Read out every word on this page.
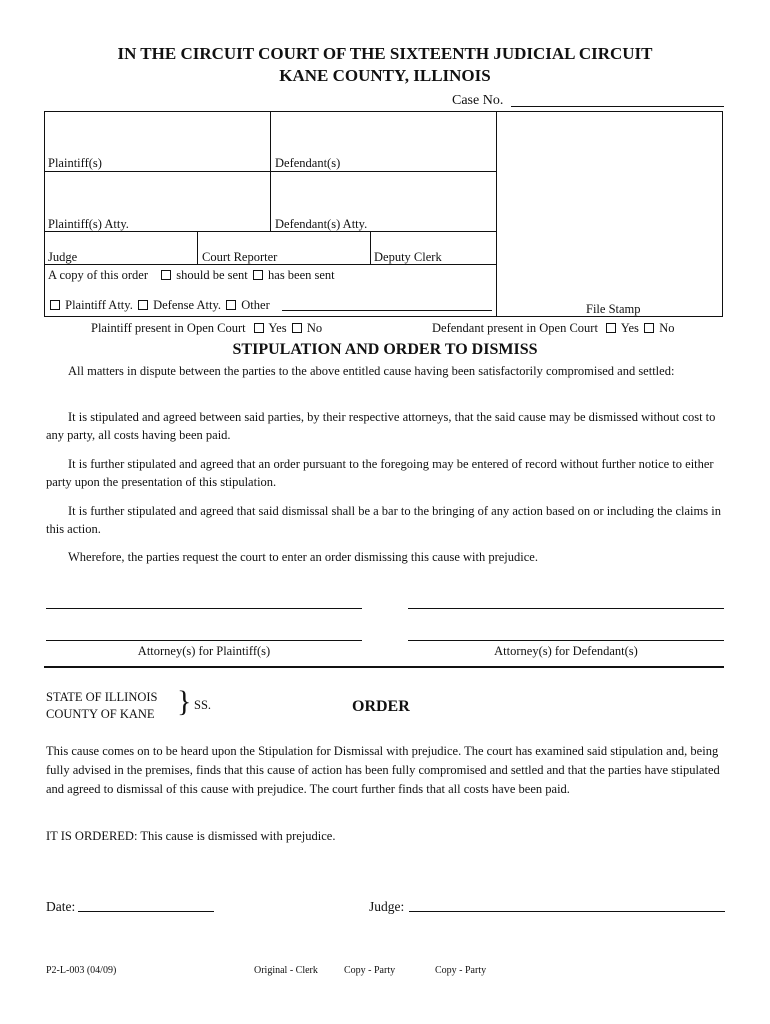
IN THE CIRCUIT COURT OF THE SIXTEENTH JUDICIAL CIRCUIT
KANE COUNTY, ILLINOIS
Case No.
Plaintiff(s)	Defendant(s)
Plaintiff(s) Atty.	Defendant(s) Atty.
Judge	Court Reporter	Deputy Clerk
A copy of this order should be sent has been sent
Plaintiff Atty. Defense Atty. Other	File Stamp
Plaintiff present in Open Court Yes No	Defendant present in Open Court Yes No
STIPULATION AND ORDER TO DISMISS

All matters in dispute between the parties to the above entitled cause having been satisfactorily compromised and settled:

It is stipulated and agreed between said parties, by their respective attorneys, that the said cause may be dismissed without cost to any party, all costs having been paid.

It is further stipulated and agreed that an order pursuant to the foregoing may be entered of record without further notice to either party upon the presentation of this stipulation.

It is further stipulated and agreed that said dismissal shall be a bar to the bringing of any action based on or including the claims in this action.

Wherefore, the parties request the court to enter an order dismissing this cause with prejudice.

Attorney(s) for Plaintiff(s)	Attorney(s) for Defendant(s)
STATE OF ILLINOIS
COUNTY OF KANE } SS.	ORDER
This cause comes on to be heard upon the Stipulation for Dismissal with prejudice. The court has examined said stipulation and, being fully advised in the premises, finds that this cause of action has been fully compromised and settled and that the parties have stipulated and agreed to dismissal of this cause with prejudice. The court further finds that all costs have been paid.
IT IS ORDERED: This cause is dismissed with prejudice.
Date:	Judge:
P2-L-003 (04/09)	Original - Clerk	Copy - Party	Copy - Party
